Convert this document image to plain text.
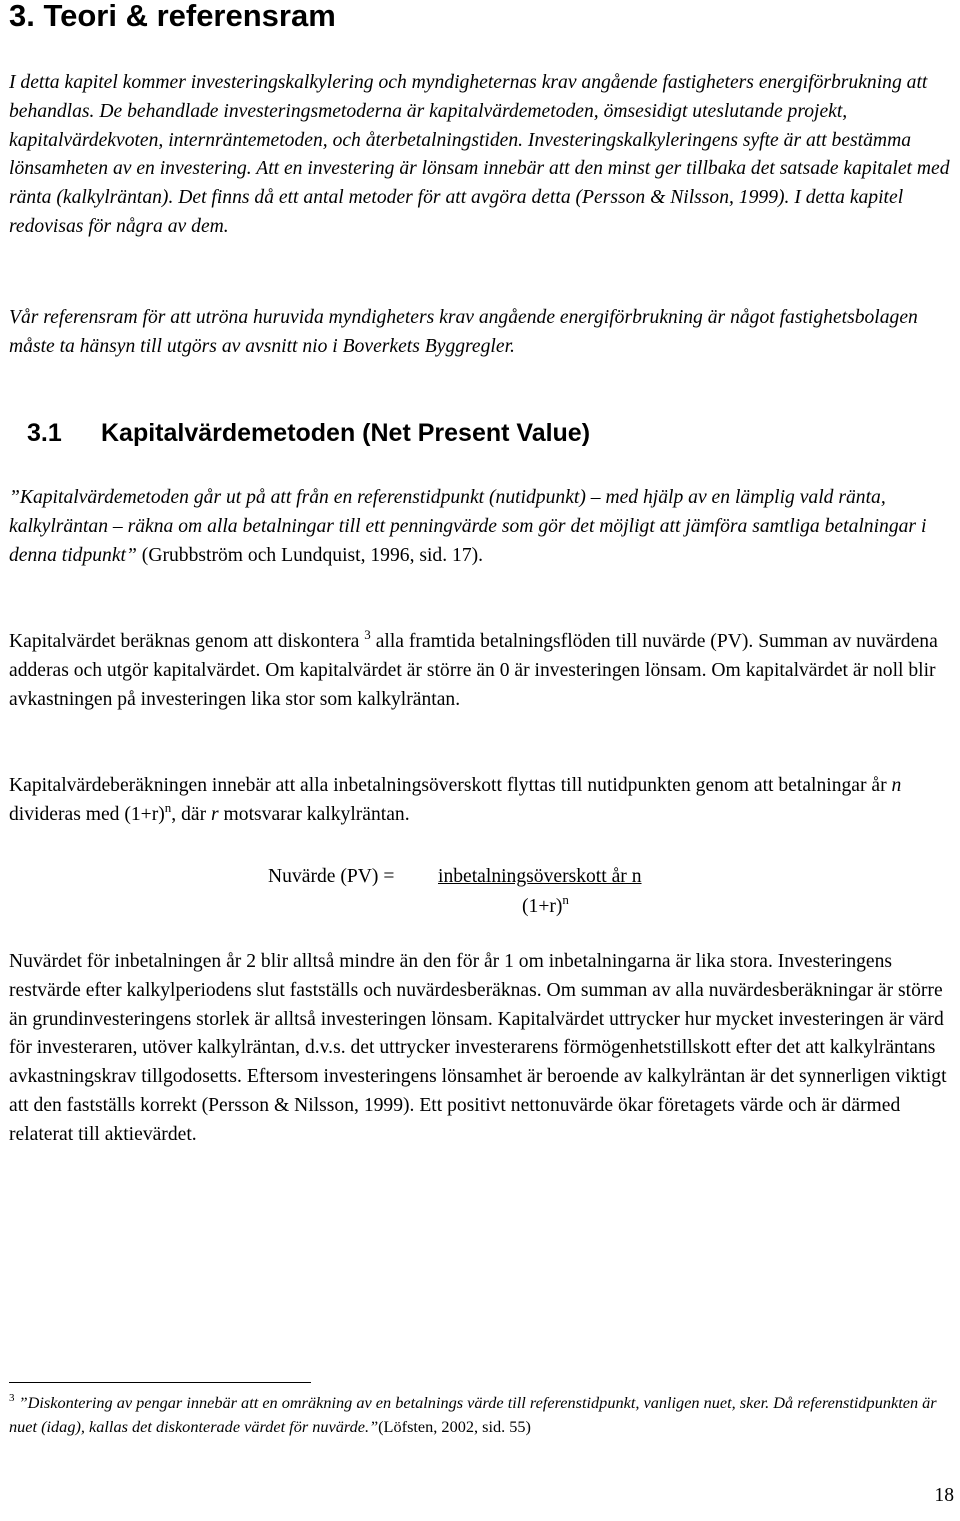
3. Teori & referensram

I detta kapitel kommer investeringskalkylering och myndigheternas krav angående fastigheters energiförbrukning att behandlas. De behandlade investeringsmetoderna är kapitalvärdemetoden, ömsesidigt uteslutande projekt, kapitalvärdekvoten, internräntemetoden, och återbetalningstiden. Investeringskalkyleringens syfte är att bestämma lönsamheten av en investering. Att en investering är lönsam innebär att den minst ger tillbaka det satsade kapitalet med ränta (kalkylräntan). Det finns då ett antal metoder för att avgöra detta (Persson & Nilsson, 1999). I detta kapitel redovisas för några av dem.

Vår referensram för att utröna huruvida myndigheters krav angående energiförbrukning är något fastighetsbolagen måste ta hänsyn till utgörs av avsnitt nio i Boverkets Byggregler.

3.1 Kapitalvärdemetoden (Net Present Value)

”Kapitalvärdemetoden går ut på att från en referenstidpunkt (nutidpunkt) – med hjälp av en lämplig vald ränta, kalkylräntan – räkna om alla betalningar till ett penningvärde som gör det möjligt att jämföra samtliga betalningar i denna tidpunkt” (Grubbström och Lundquist, 1996, sid. 17).

Kapitalvärdet beräknas genom att diskontera $^3$ alla framtida betalningsflöden till nuvärde (PV). Summan av nuvärdena adderas och utgör kapitalvärdet. Om kapitalvärdet är större än 0 är investeringen lönsam. Om kapitalvärdet är noll blir avkastningen på investeringen lika stor som kalkylräntan.

Kapitalvärdeberäkningen innebär att alla inbetalningsöverskott flyttas till nutidpunkten genom att betalningar år n divideras med $(1+r)^n$, där r motsvarar kalkylräntan.

Nuvärde (PV) = inbetalningsöverskott år n
$(1+r)^n$

Nuvärdet för inbetalningen år 2 blir alltså mindre än den för år 1 om inbetalningarna är lika stora. Investeringens restvärde efter kalkylperiodens slut fastställs och nuvärdesberäknas. Om summan av alla nuvärdesberäkningar är större än grundinvesteringens storlek är alltså investeringen lönsam. Kapitalvärdet uttrycker hur mycket investeringen är värd för investeraren, utöver kalkylräntan, d.v.s. det uttrycker investerarens förmögenhetstillskott efter det att kalkylräntans avkastningskrav tillgodosetts. Eftersom investeringens lönsamhet är beroende av kalkylräntan är det synnerligen viktigt att den fastställs korrekt (Persson & Nilsson, 1999). Ett positivt nettonuvärde ökar företagets värde och är därmed relaterat till aktievärdet.

$^3$ ”Diskontering av pengar innebär att en omräkning av en betalnings värde till referenstidpunkt, vanligen nuet, sker. Då referenstidpunkten är nuet (idag), kallas det diskonterade värdet för nuvärde.”(Löfsten, 2002, sid. 55)

18
